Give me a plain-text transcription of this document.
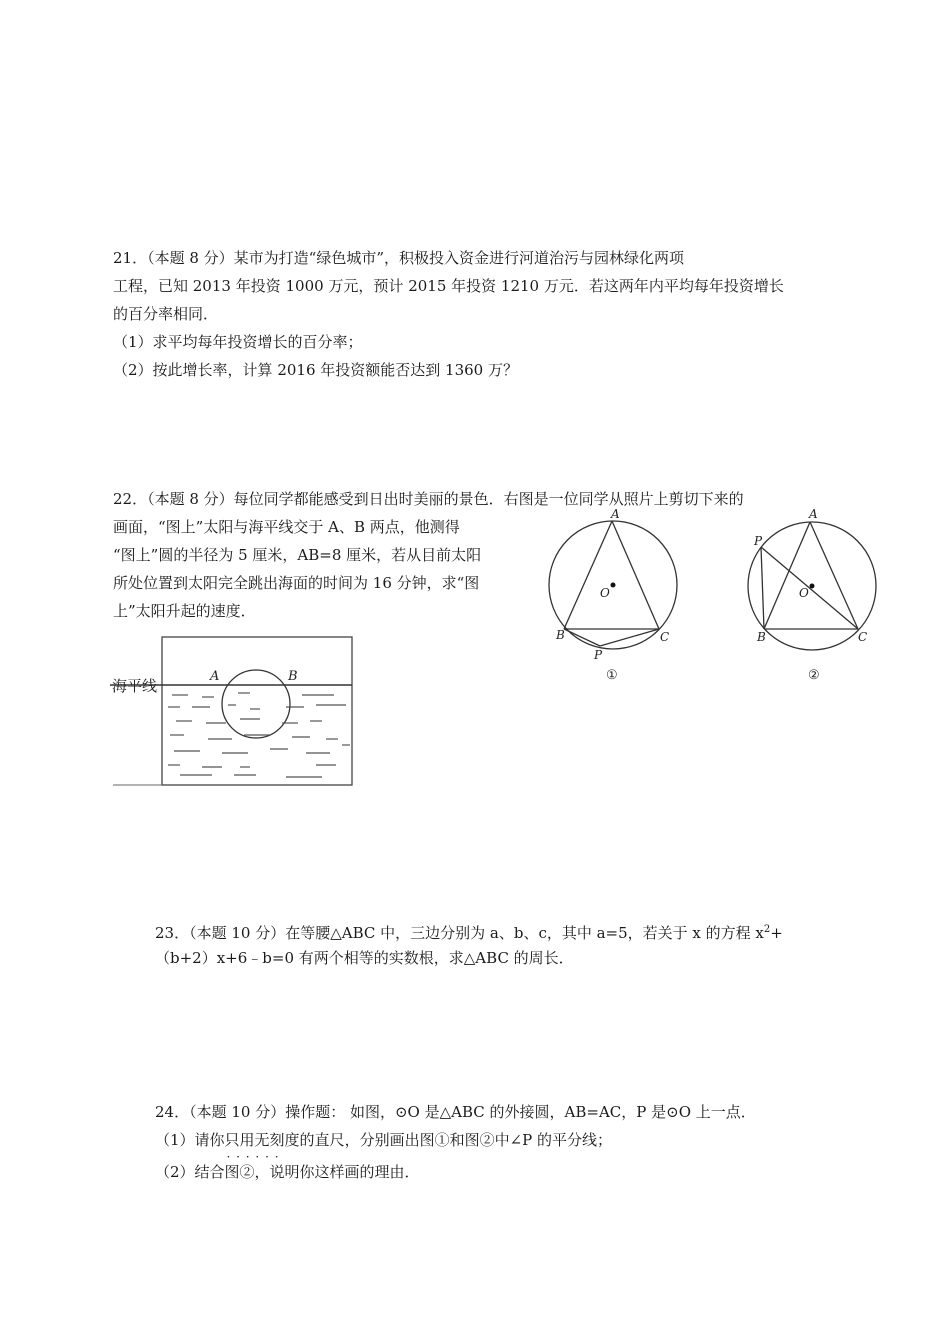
21．（本题 8 分）某市为打造“绿色城市”，积极投入资金进行河道治污与园林绿化两项
工程，已知 2013 年投资 1000 万元，预计 2015 年投资 1210 万元．若这两年内平均每年投资增长
的百分率相同．
（1）求平均每年投资增长的百分率；
（2）按此增长率，计算 2016 年投资额能否达到 1360 万？
22．（本题 8 分）每位同学都能感受到日出时美丽的景色．右图是一位同学从照片上剪切下来的
画面，“图上”太阳与海平线交于 A、B 两点，他测得
“图上”圆的半径为 5 厘米，AB=8 厘米，若从目前太阳
所处位置到太阳完全跳出海面的时间为 16 分钟，求“图
上”太阳升起的速度．
海平线
A	B
A
B	C
O
P
①
A
P
B	C
O
②
23．（本题 10 分）在等腰△ABC 中，三边分别为 a、b、c，其中 a=5，若关于 x 的方程 $x^2+$
（b+2）x+6﹣b=0 有两个相等的实数根，求△ABC 的周长．
24．（本题 10 分）操作题： 如图，⊙O 是△ABC 的外接圆，AB=AC，P 是⊙O 上一点．
（1）请你只用无刻度的直尺 · · ·，分别画出图①和图②中∠P 的平分线；
（2）结合图②，说明你这样画的理由．
